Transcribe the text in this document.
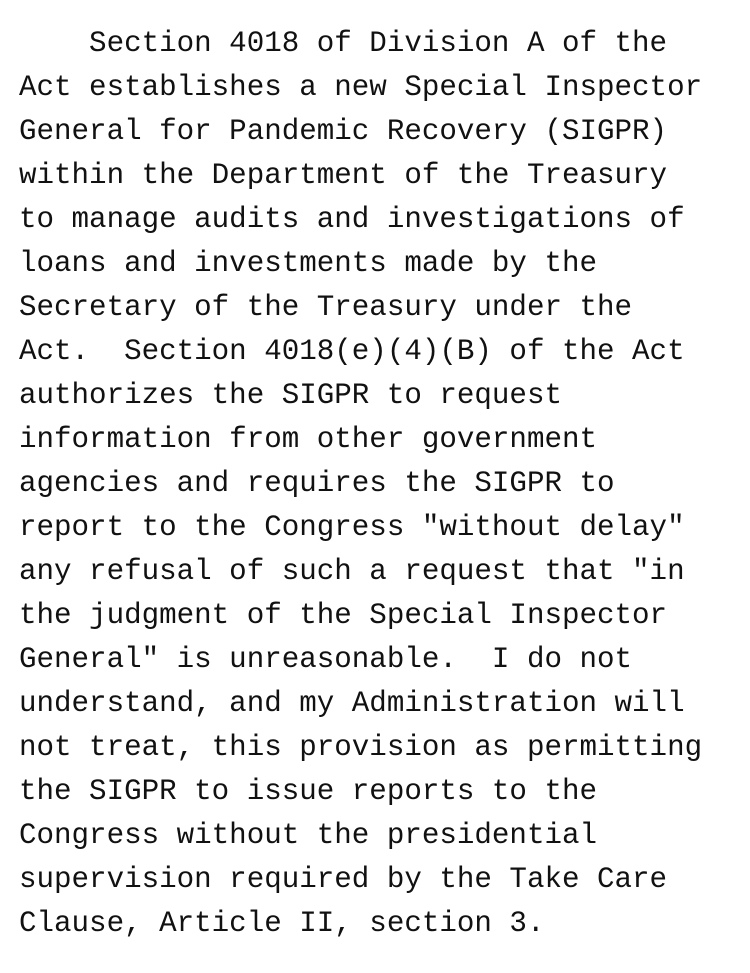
Section 4018 of Division A of the
Act establishes a new Special Inspector
General for Pandemic Recovery (SIGPR)
within the Department of the Treasury
to manage audits and investigations of
loans and investments made by the
Secretary of the Treasury under the
Act.  Section 4018(e)(4)(B) of the Act
authorizes the SIGPR to request
information from other government
agencies and requires the SIGPR to
report to the Congress "without delay"
any refusal of such a request that "in
the judgment of the Special Inspector
General" is unreasonable.  I do not
understand, and my Administration will
not treat, this provision as permitting
the SIGPR to issue reports to the
Congress without the presidential
supervision required by the Take Care
Clause, Article II, section 3.
